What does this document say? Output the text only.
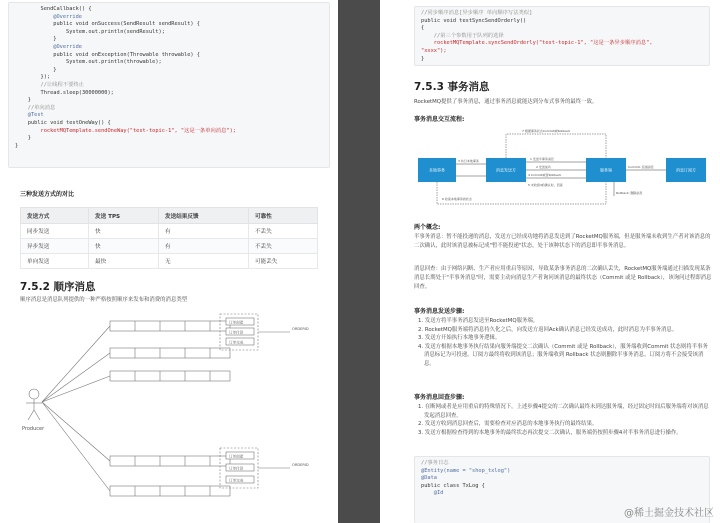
SendCallback() {
@Override
public void onSuccess(SendResult sendResult) {
System.out.println(sendResult);
}
@Override
public void onException(Throwable throwable) {
System.out.println(throwable);
}
});
//让线程不要终止
Thread.sleep(30000000);
}
//单向消息
@Test
public void testOneWay() {
rocketMQTemplate.sendOneWay("test-topic-1", "这是一条单向消息");
}
}
三种发送方式的对比
发送方式	发送 TPS	发送结果反馈	可靠性
同步发送	快	有	不丢失
异步发送	快	有	不丢失
单向发送	最快	无	可能丢失
7.5.2 顺序消息
顺序消息是消息队列提供的一种严格按照顺序来发布和消费的消息类型
订单创建
订单付款
订单完成
订单创建
订单付款
订单完成
ORDERID
ORDERID
Producer
//同步顺序消息[异步顺序 单向顺序写法类似]
public void testSyncSendOrderly()
{
//第三个参数用于队列的选择
rocketMQTemplate.syncSendOrderly("test-topic-1", "这是一条异步顺序消息",
"xxxx");
}
7.5.3 事务消息
RocketMQ提供了事务消息，通过事务消息就能达到分布式事务的最终一致。
事务消息交互流程:
本地事务	消息发送方	服务端	消息订阅方
1 发送半事务消息
2 发送成功
3 执行本地事务
4 Commit或者Rollback
5 未收到4的确认时，回查
6 检查本地事务的状态
7 根据事务状态Commit或Rollback
Commit: 投递消息
Rollback: 删除消息
两个概念:
半事务消息：暂不能投递的消息，发送方已经成功地将消息发送到了RocketMQ服务端，但是服务端未收到生产者对该消息的二次确认，此时该消息被标记成"暂不能投递"状态，处于该种状态下的消息即半事务消息。
消息回查：由于网络闪断、生产者应用重启等原因，导致某条事务消息的二次确认丢失，RocketMQ服务端通过扫描发现某条消息长期处于"半事务消息"时，需要主动向消息生产者询问该消息的最终状态（Commit 或是 Rollback），该询问过程即消息回查。
事务消息发送步骤:
1. 发送方将半事务消息发送至RocketMQ服务端。
2. RocketMQ服务端将消息持久化之后，向发送方返回Ack确认消息已经发送成功，此时消息为半事务消息。
3. 发送方开始执行本地事务逻辑。
4. 发送方根据本地事务执行结果向服务端提交二次确认（Commit 或是 Rollback），服务端收到Commit 状态则将半事务消息标记为可投递，订阅方最终将收到该消息；服务端收到 Rollback 状态则删除半事务消息，订阅方将不会接受该消息。
事务消息回查步骤:
1. 在断网或者是应用重启的特殊情况下，上述步骤4提交的二次确认最终未到达服务端，经过固定时间后服务端将对该消息发起消息回查。
2. 发送方收到消息回查后，需要检查对应消息的本地事务执行的最终结果。
3. 发送方根据检查得到的本地事务的最终状态再次提交二次确认，服务端仍按照步骤4对半事务消息进行操作。
//事务日志
@Entity(name = "shop_txlog")
@Data
public class TxLog {
@Id
@稀土掘金技术社区
